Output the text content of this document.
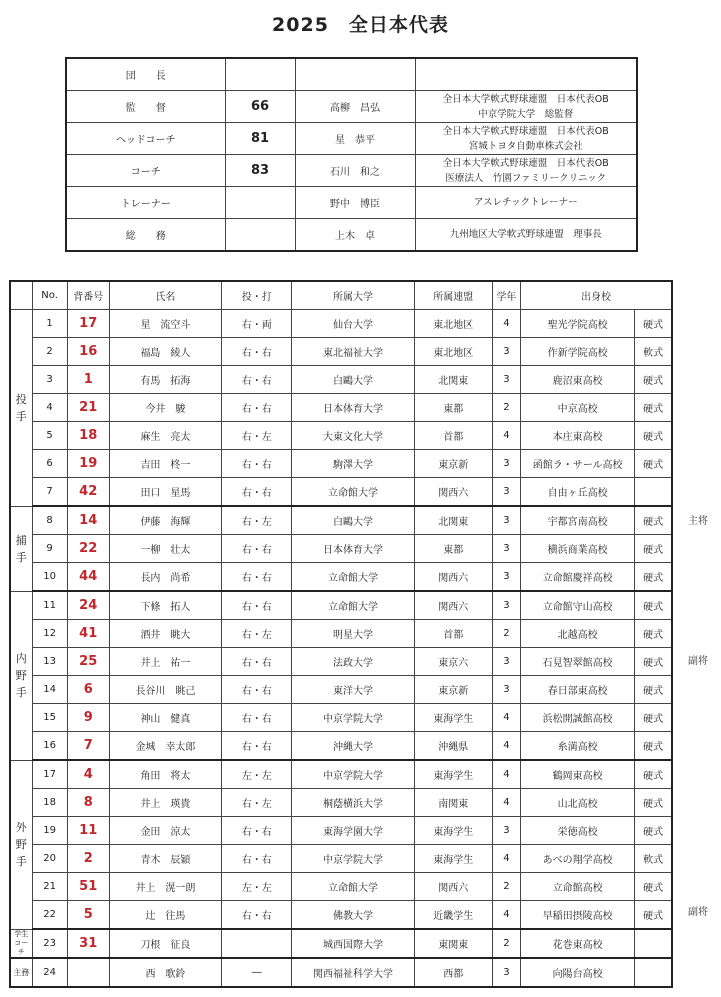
2025　全日本代表
団　　長			
監　　督	66	高柳　昌弘	全日本大学軟式野球連盟　日本代表OB
中京学院大学　総監督

ヘッドコーチ	81	星　恭平	全日本大学軟式野球連盟　日本代表OB
宮城トヨタ自動車株式会社

コーチ	83	石川　和之	全日本大学軟式野球連盟　日本代表OB
医療法人　竹園ファミリークリニック

トレーナー		野中　博臣	アスレチックトレーナー

総　　務		上木　卓	九州地区大学軟式野球連盟　理事長
	No.	背番号	氏名	投・打	所属大学	所属連盟	学年	出身校	

投
手	1	17	星　流空斗	右・両	仙台大学	東北地区	4	聖光学院高校	硬式
	2	16	福島　綾人	右・右	東北福祉大学	東北地区	3	作新学院高校	軟式
	3	1	有馬　拓海	右・右	白鷗大学	北関東	3	鹿沼東高校	硬式
	4	21	今井　駿	右・右	日本体育大学	東都	2	中京高校	硬式
	5	18	麻生　亮太	右・左	大東文化大学	首都	4	本庄東高校	硬式
	6	19	吉田　柊一	右・右	駒澤大学	東京新	3	函館ラ・サール高校	硬式
	7	42	田口　星馬	右・右	立命館大学	関西六	3	自由ヶ丘高校	

捕
手	8	14	伊藤　海輝	右・左	白鷗大学	北関東	3	宇都宮南高校	硬式
	9	22	一柳　壮太	右・右	日本体育大学	東都	3	横浜商業高校	硬式
	10	44	長内　尚希	右・右	立命館大学	関西六	3	立命館慶祥高校	硬式

内
野
手	11	24	下條　拓人	右・右	立命館大学	関西六	3	立命館守山高校	硬式
	12	41	酒井　眺大	右・左	明星大学	首都	2	北越高校	硬式
	13	25	井上　祐一	右・右	法政大学	東京六	3	石見智翠館高校	硬式
	14	6	長谷川　眺己	右・右	東洋大学	東京新	3	春日部東高校	硬式
	15	9	神山　健真	右・右	中京学院大学	東海学生	4	浜松開誠館高校	硬式
	16	7	金城　幸太郎	右・右	沖縄大学	沖縄県	4	糸満高校	硬式

外
野
手	17	4	角田　将太	左・左	中京学院大学	東海学生	4	鶴岡東高校	硬式
	18	8	井上　瑛貴	右・左	桐蔭横浜大学	南関東	4	山北高校	硬式
	19	11	金田　涼太	右・右	東海学園大学	東海学生	3	栄徳高校	硬式
	20	2	青木　辰穎	右・右	中京学院大学	東海学生	4	あべの翔学高校	軟式
	21	51	井上　滉一朗	左・左	立命館大学	関西六	2	立命館高校	硬式
	22	5	辻　往馬	右・右	佛教大学	近畿学生	4	早稲田摂陵高校	硬式

学生
コーチ	23	31	刀根　征良		城西国際大学	東関東	2	花巻東高校	

主務	24		西　歌鈴	―	関西福祉科学大学	西都	3	向陽台高校	
主将
副将
副将
